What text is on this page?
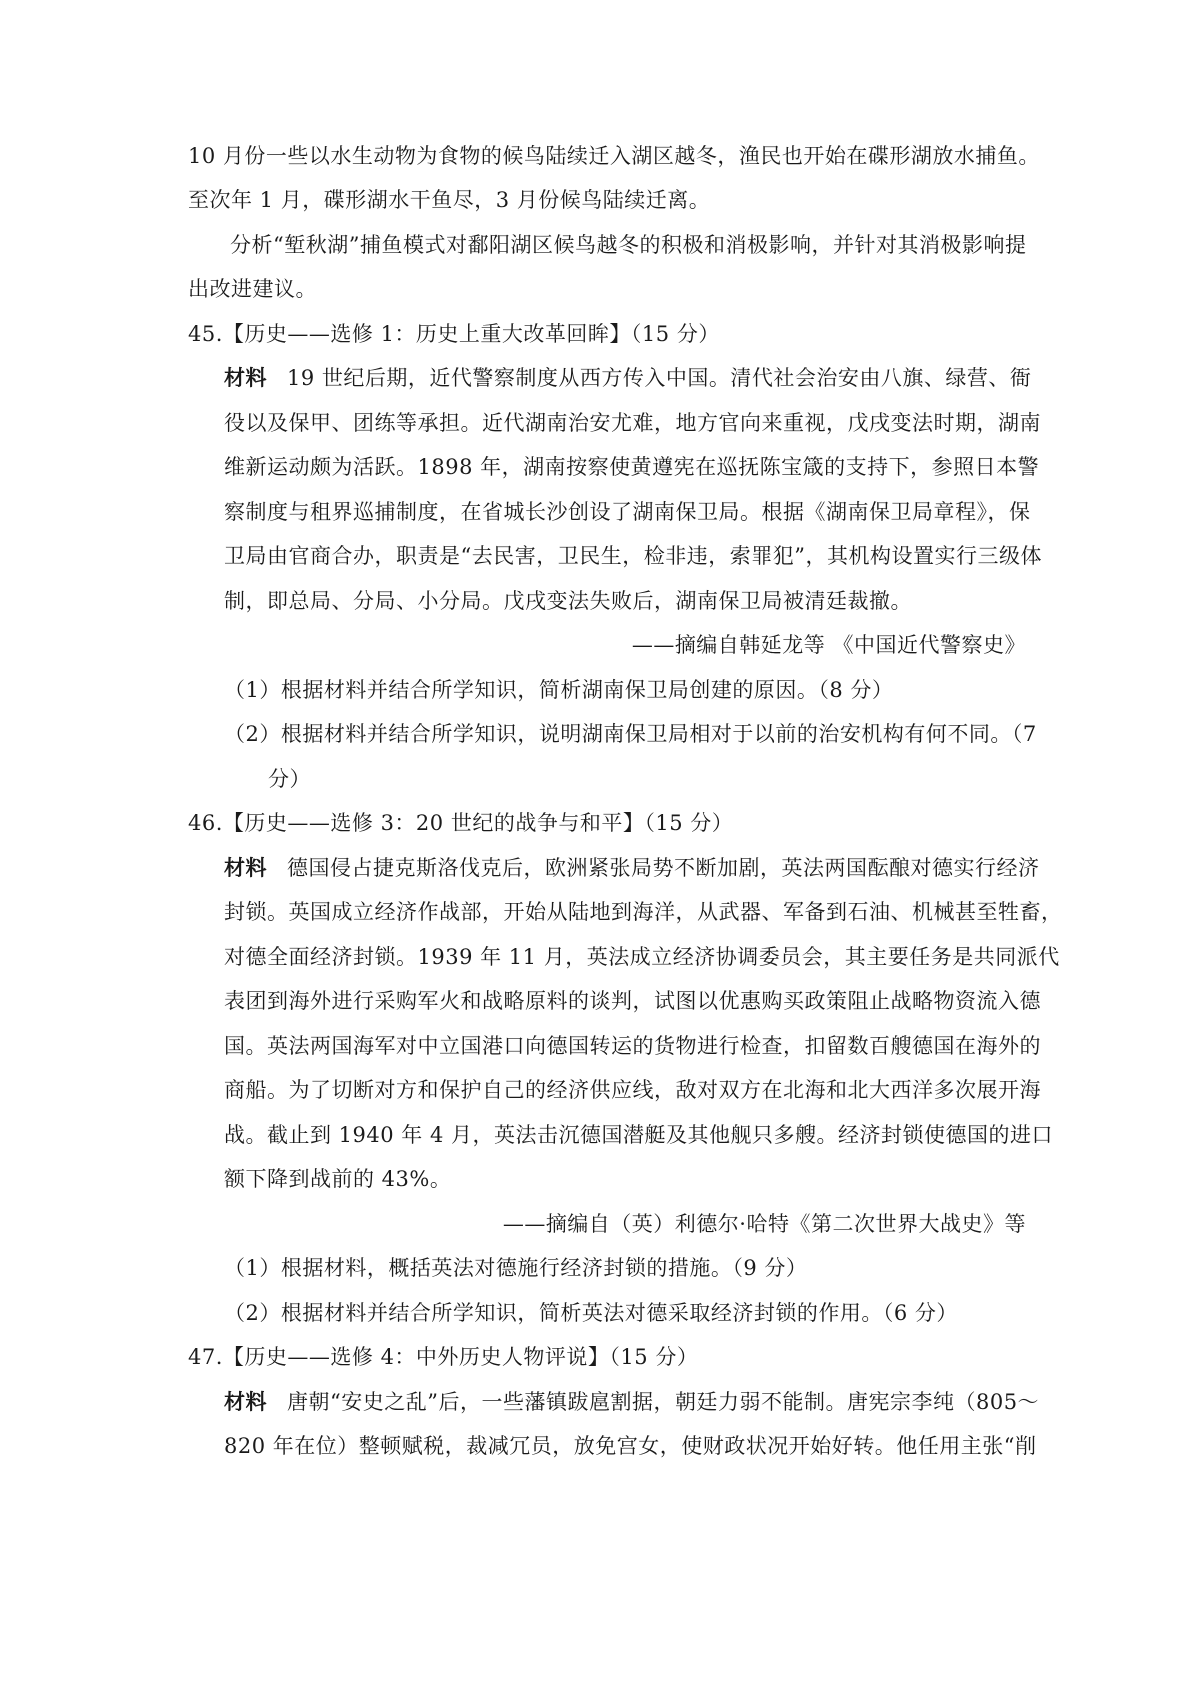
10 月份一些以水生动物为食物的候鸟陆续迁入湖区越冬，渔民也开始在碟形湖放水捕鱼。
至次年 1 月，碟形湖水干鱼尽，3 月份候鸟陆续迁离。
分析“堑秋湖”捕鱼模式对鄱阳湖区候鸟越冬的积极和消极影响，并针对其消极影响提
出改进建议。
45.【历史——选修 1：历史上重大改革回眸】（15 分）
材料 19 世纪后期，近代警察制度从西方传入中国。清代社会治安由八旗、绿营、衙
役以及保甲、团练等承担。近代湖南治安尤难，地方官向来重视，戊戌变法时期，湖南
维新运动颇为活跃。1898 年，湖南按察使黄遵宪在巡抚陈宝箴的支持下，参照日本警
察制度与租界巡捕制度，在省城长沙创设了湖南保卫局。根据《湖南保卫局章程》，保
卫局由官商合办，职责是“去民害，卫民生，检非违，索罪犯”，其机构设置实行三级体
制，即总局、分局、小分局。戊戌变法失败后，湖南保卫局被清廷裁撤。
——摘编自韩延龙等 《中国近代警察史》
（1）根据材料并结合所学知识，简析湖南保卫局创建的原因。（8 分）
（2）根据材料并结合所学知识，说明湖南保卫局相对于以前的治安机构有何不同。（7
分）
46.【历史——选修 3：20 世纪的战争与和平】（15 分）
材料 德国侵占捷克斯洛伐克后，欧洲紧张局势不断加剧，英法两国酝酿对德实行经济
封锁。英国成立经济作战部，开始从陆地到海洋，从武器、军备到石油、机械甚至牲畜，
对德全面经济封锁。1939 年 11 月，英法成立经济协调委员会，其主要任务是共同派代
表团到海外进行采购军火和战略原料的谈判，试图以优惠购买政策阻止战略物资流入德
国。英法两国海军对中立国港口向德国转运的货物进行检查，扣留数百艘德国在海外的
商船。为了切断对方和保护自己的经济供应线，敌对双方在北海和北大西洋多次展开海
战。截止到 1940 年 4 月，英法击沉德国潜艇及其他舰只多艘。经济封锁使德国的进口
额下降到战前的 43%。
——摘编自（英）利德尔·哈特《第二次世界大战史》等
（1）根据材料，概括英法对德施行经济封锁的措施。（9 分）
（2）根据材料并结合所学知识，简析英法对德采取经济封锁的作用。（6 分）
47.【历史——选修 4：中外历史人物评说】（15 分）
材料 唐朝“安史之乱”后，一些藩镇跋扈割据，朝廷力弱不能制。唐宪宗李纯（805～
820 年在位）整顿赋税，裁减冗员，放免宫女，使财政状况开始好转。他任用主张“削
